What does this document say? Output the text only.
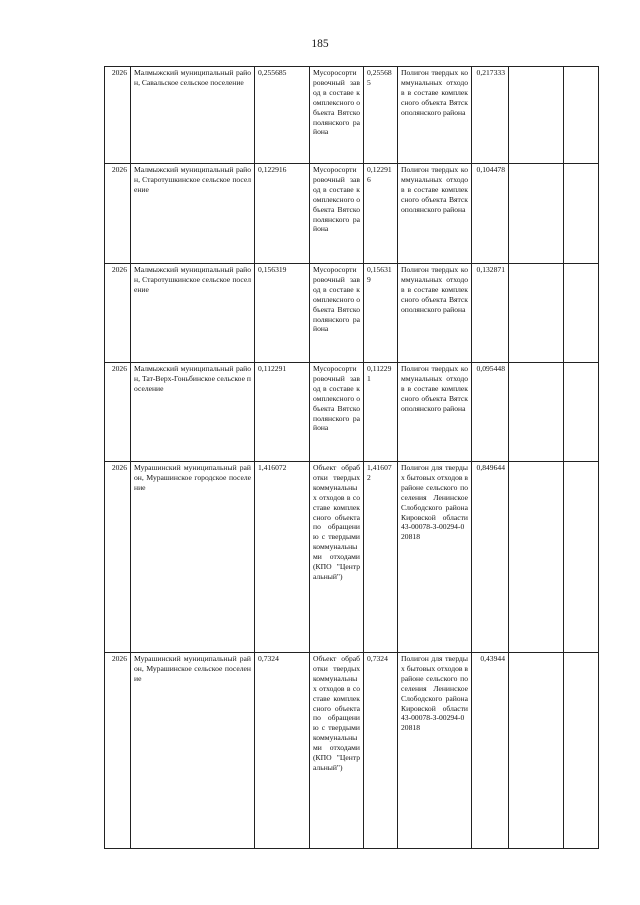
185
2026	Малмыжский муниципальный район, Савальское сельское поселение	0,255685	Мусоросортировочный завод в составе комплексного объекта Вятскополянского района	0,255685	Полигон твердых коммунальных отходов в составе комплексного объекта Вятскополянского района	0,217333		
2026	Малмыжский муниципальный район, Старотушкинское сельское поселение	0,122916	Мусоросортировочный завод в составе комплексного объекта Вятскополянского района	0,122916	Полигон твердых коммунальных отходов в составе комплексного объекта Вятскополянского района	0,104478		
2026	Малмыжский муниципальный район, Старотушкинское сельское поселение	0,156319	Мусоросортировочный завод в составе комплексного объекта Вятскополянского района	0,156319	Полигон твердых коммунальных отходов в составе комплексного объекта Вятскополянского района	0,132871		
2026	Малмыжский муниципальный район, Тат-Верх-Гоньбинское сельское поселение	0,112291	Мусоросортировочный завод в составе комплексного объекта Вятскополянского района	0,112291	Полигон твердых коммунальных отходов в составе комплексного объекта Вятскополянского района	0,095448		
2026	Мурашинский муниципальный район, Мурашинское городское поселение	1,416072	Объект обработки твердых коммунальных отходов в составе комплексного объекта по обращению с твердыми коммунальными отходами (КПО "Центральный")	1,416072	Полигон для твердых бытовых отходов в районе сельского поселения Ленинское Слободского района Кировской области 43-00078-З-00294-020818	0,849644		
2026	Мурашинский муниципальный район, Мурашинское сельское поселение	0,7324	Объект обработки твердых коммунальных отходов в составе комплексного объекта по обращению с твердыми коммунальными отходами (КПО "Центральный")	0,7324	Полигон для твердых бытовых отходов в районе сельского поселения Ленинское Слободского района Кировской области 43-00078-З-00294-020818	0,43944		
